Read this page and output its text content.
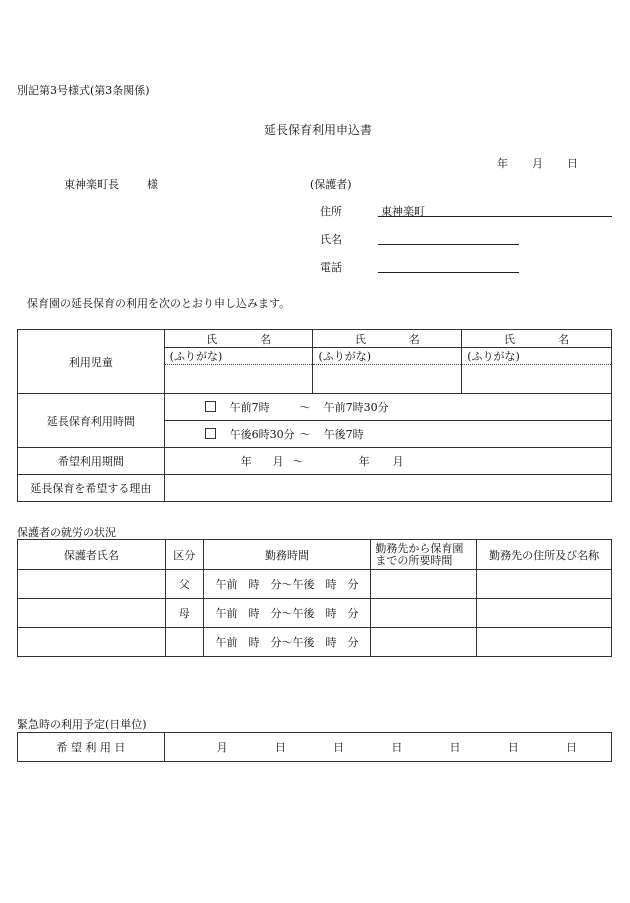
別記第3号様式(第3条関係)
延長保育利用申込書
年 月 日
東神楽町長	様	(保護者)
住所	東神楽町
氏名
電話
保育園の延長保育の利用を次のとおり申し込みます。
利用児童	氏 名	氏 名	氏 名

	(ふりがな)	(ふりがな)	(ふりがな)

延長保育利用時間	午前7時 〜 午前7時30分		
	午後6時30分 〜 午後7時		
希望利用期間	年 月 〜 年 月		
延長保育を希望する理由			
保護者の就労の状況
保護者氏名	区分	勤務時間	勤務先から保育園までの所要時間	勤務先の住所及び名称
	父	午前　時　分〜午後　時　分		
	母	午前　時　分〜午後　時　分		
		午前　時　分〜午後　時　分		
緊急時の利用予定(日単位)
希 望 利 用 日	月	日	日	日	日	日	日
